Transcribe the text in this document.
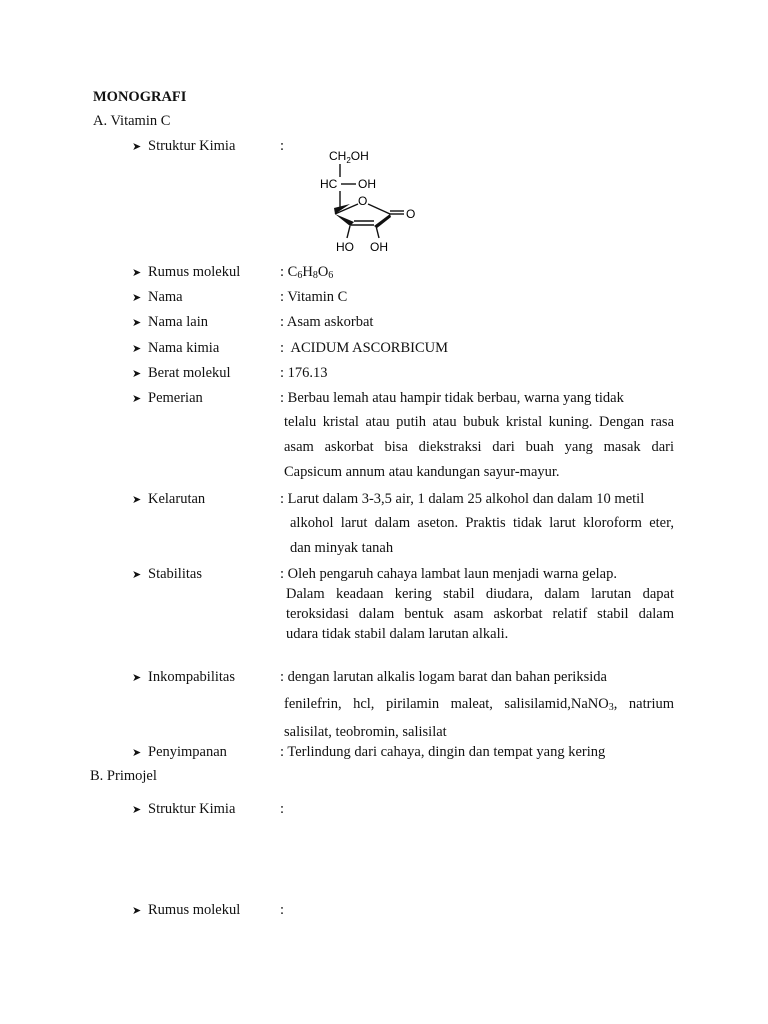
MONOGRAFI
A. Vitamin C
➤ Struktur Kimia	:
$CH_2OH$
HC OH
O
O
HO OH
➤ Rumus molekul	: $C_6H_8O_6$
➤ Nama	: Vitamin C
➤ Nama lain	: Asam askorbat
➤ Nama kimia	:  ACIDUM ASCORBICUM
➤ Berat molekul	: 176.13
➤ Pemerian	: Berbau lemah atau hampir tidak berbau, warna yang tidak
telalu kristal atau putih atau bubuk kristal kuning. Dengan rasa
asam askorbat bisa diekstraksi dari buah yang masak dari
Capsicum annum atau kandungan sayur-mayur.
➤ Kelarutan	: Larut dalam 3-3,5 air, 1 dalam 25 alkohol dan dalam 10 metil
alkohol larut dalam aseton. Praktis tidak larut kloroform eter,
dan minyak tanah
➤ Stabilitas	: Oleh pengaruh cahaya lambat laun menjadi warna gelap.
Dalam keadaan kering stabil diudara, dalam larutan dapat
teroksidasi dalam bentuk asam askorbat relatif stabil dalam
udara tidak stabil dalam larutan alkali.
➤ Inkompabilitas	: dengan larutan alkalis logam barat dan bahan periksida
fenilefrin, hcl, pirilamin maleat, salisilamid,NaNO$_3$, natrium
salisilat, teobromin, salisilat
➤ Penyimpanan	: Terlindung dari cahaya, dingin dan tempat yang kering
B. Primojel
➤ Struktur Kimia	:
➤ Rumus molekul	:
